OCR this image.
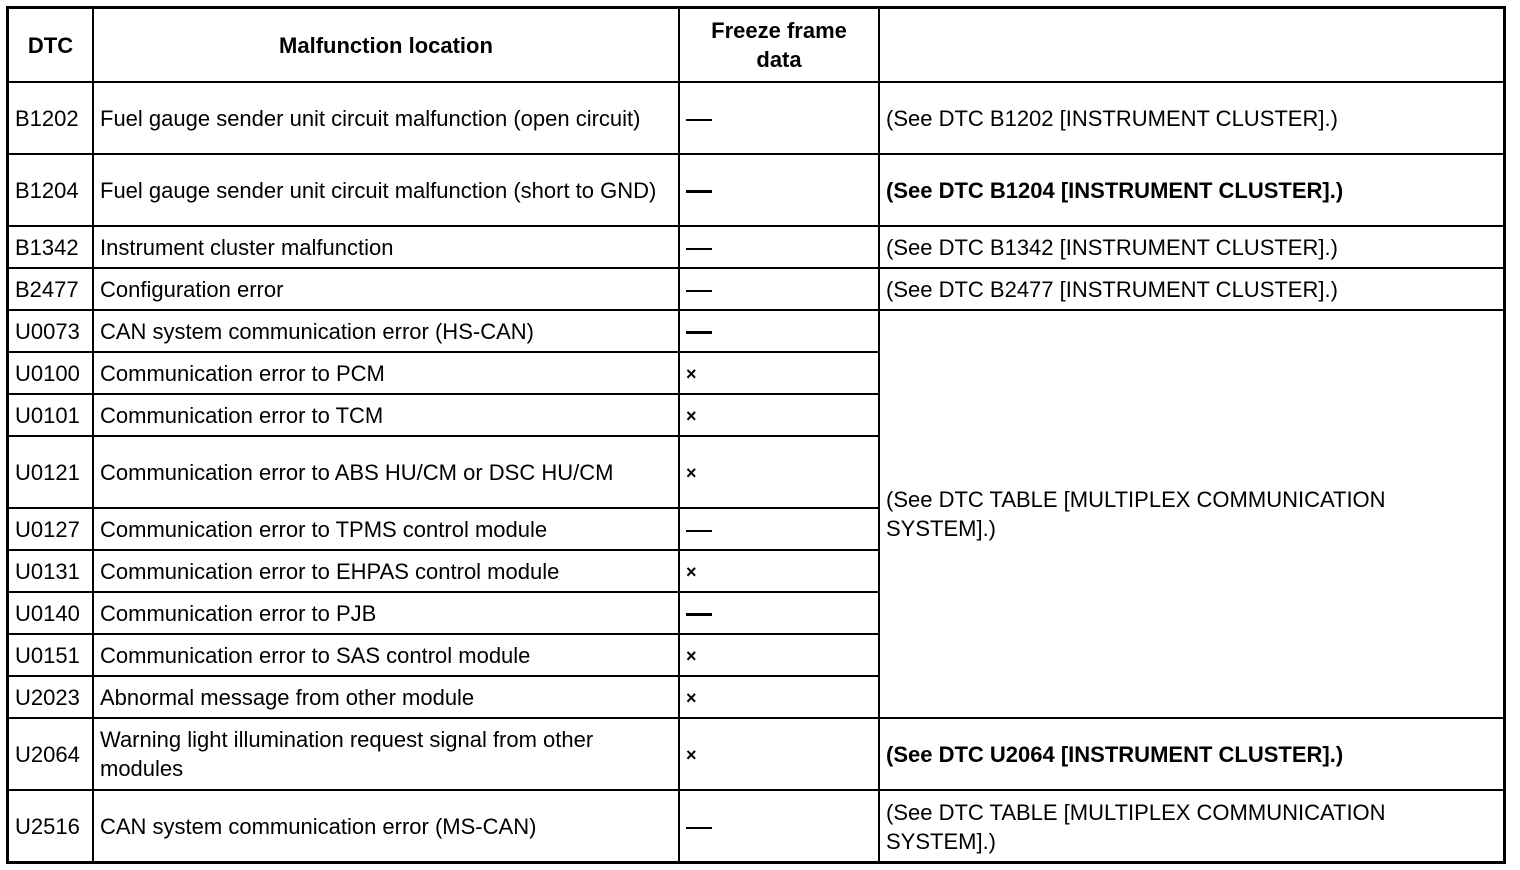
DTC	Malfunction location	Freeze frame data	
B1202	Fuel gauge sender unit circuit malfunction (open circuit)		(See DTC B1202 [INSTRUMENT CLUSTER].)
B1204	Fuel gauge sender unit circuit malfunction (short to GND)		(See DTC B1204 [INSTRUMENT CLUSTER].)
B1342	Instrument cluster malfunction		(See DTC B1342 [INSTRUMENT CLUSTER].)
B2477	Configuration error		(See DTC B2477 [INSTRUMENT CLUSTER].)
U0073	CAN system communication error (HS-CAN)		(See DTC TABLE [MULTIPLEX COMMUNICATION SYSTEM].)
U0100	Communication error to PCM	×	
U0101	Communication error to TCM	×	
U0121	Communication error to ABS HU/CM or DSC HU/CM	×	
U0127	Communication error to TPMS control module		
U0131	Communication error to EHPAS control module	×	
U0140	Communication error to PJB		
U0151	Communication error to SAS control module	×	
U2023	Abnormal message from other module	×	
U2064	Warning light illumination request signal from other modules	×	(See DTC U2064 [INSTRUMENT CLUSTER].)
U2516	CAN system communication error (MS-CAN)		(See DTC TABLE [MULTIPLEX COMMUNICATION SYSTEM].)
